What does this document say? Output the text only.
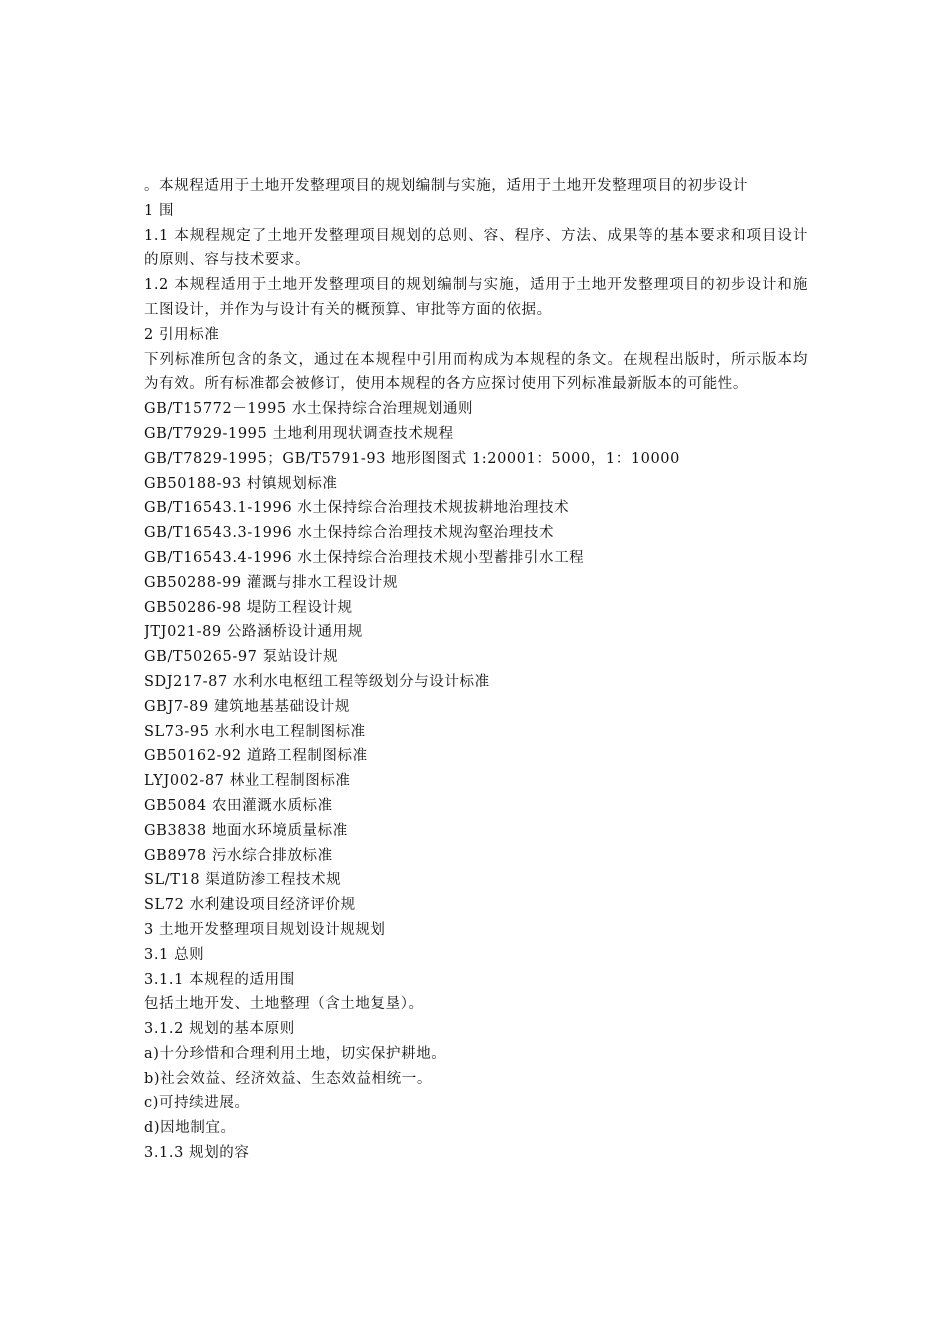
。本规程适用于土地开发整理项目的规划编制与实施，适用于土地开发整理项目的初步设计
1 围
1.1 本规程规定了土地开发整理项目规划的总则、容、程序、方法、成果等的基本要求和项目设计的原则、容与技术要求。
1.2 本规程适用于土地开发整理项目的规划编制与实施，适用于土地开发整理项目的初步设计和施工图设计，并作为与设计有关的概预算、审批等方面的依据。
2 引用标准
下列标准所包含的条文，通过在本规程中引用而构成为本规程的条文。在规程出版时，所示版本均为有效。所有标准都会被修订，使用本规程的各方应探讨使用下列标准最新版本的可能性。
GB/T15772－1995 水土保持综合治理规划通则
GB/T7929-1995 土地利用现状调查技术规程
GB/T7829-1995；GB/T5791-93 地形图图式 1:20001：5000，1：10000
GB50188-93 村镇规划标准
GB/T16543.1-1996 水土保持综合治理技术规拔耕地治理技术
GB/T16543.3-1996 水土保持综合治理技术规沟壑治理技术
GB/T16543.4-1996 水土保持综合治理技术规小型蓄排引水工程
GB50288-99 灌溉与排水工程设计规
GB50286-98 堤防工程设计规
JTJ021-89 公路涵桥设计通用规
GB/T50265-97 泵站设计规
SDJ217-87 水利水电枢纽工程等级划分与设计标准
GBJ7-89 建筑地基基础设计规
SL73-95 水利水电工程制图标准
GB50162-92 道路工程制图标准
LYJ002-87 林业工程制图标准
GB5084 农田灌溉水质标准
GB3838 地面水环境质量标准
GB8978 污水综合排放标准
SL/T18 渠道防渗工程技术规
SL72 水利建设项目经济评价规
3 土地开发整理项目规划设计规规划
3.1 总则
3.1.1 本规程的适用围
包括土地开发、土地整理（含土地复垦）。
3.1.2 规划的基本原则
a)十分珍惜和合理利用土地，切实保护耕地。
b)社会效益、经济效益、生态效益相统一。
c)可持续进展。
d)因地制宜。
3.1.3 规划的容
